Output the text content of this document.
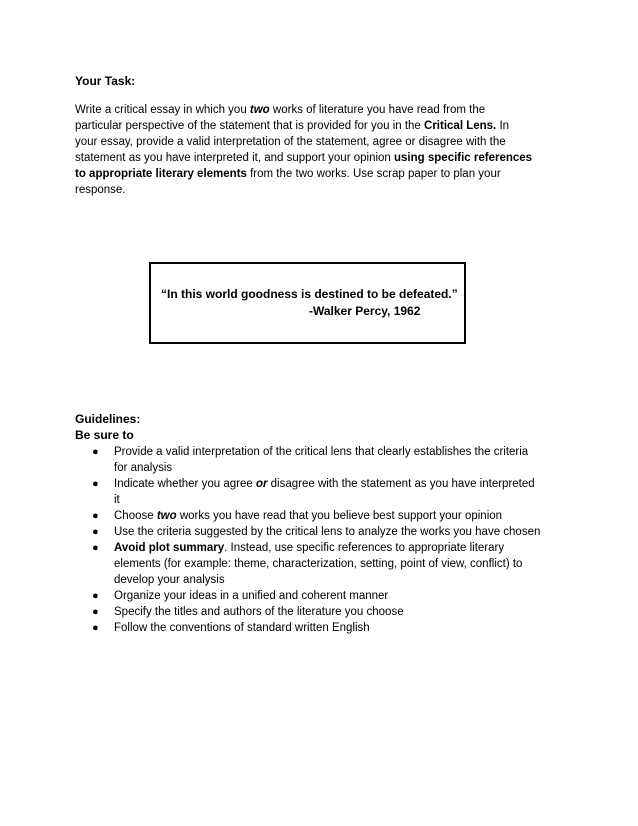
Your Task:

Write a critical essay in which you two works of literature you have read from the
particular perspective of the statement that is provided for you in the Critical Lens. In
your essay, provide a valid interpretation of the statement, agree or disagree with the
statement as you have interpreted it, and support your opinion using specific references
to appropriate literary elements from the two works. Use scrap paper to plan your
response.

“In this world goodness is destined to be defeated.”

-Walker Percy, 1962

Guidelines:

Be sure to

● Provide a valid interpretation of the critical lens that clearly establishes the criteria
for analysis
● Indicate whether you agree or disagree with the statement as you have interpreted
it
● Choose two works you have read that you believe best support your opinion
● Use the criteria suggested by the critical lens to analyze the works you have chosen
● Avoid plot summary. Instead, use specific references to appropriate literary
elements (for example: theme, characterization, setting, point of view, conflict) to
develop your analysis
● Organize your ideas in a unified and coherent manner
● Specify the titles and authors of the literature you choose
● Follow the conventions of standard written English
